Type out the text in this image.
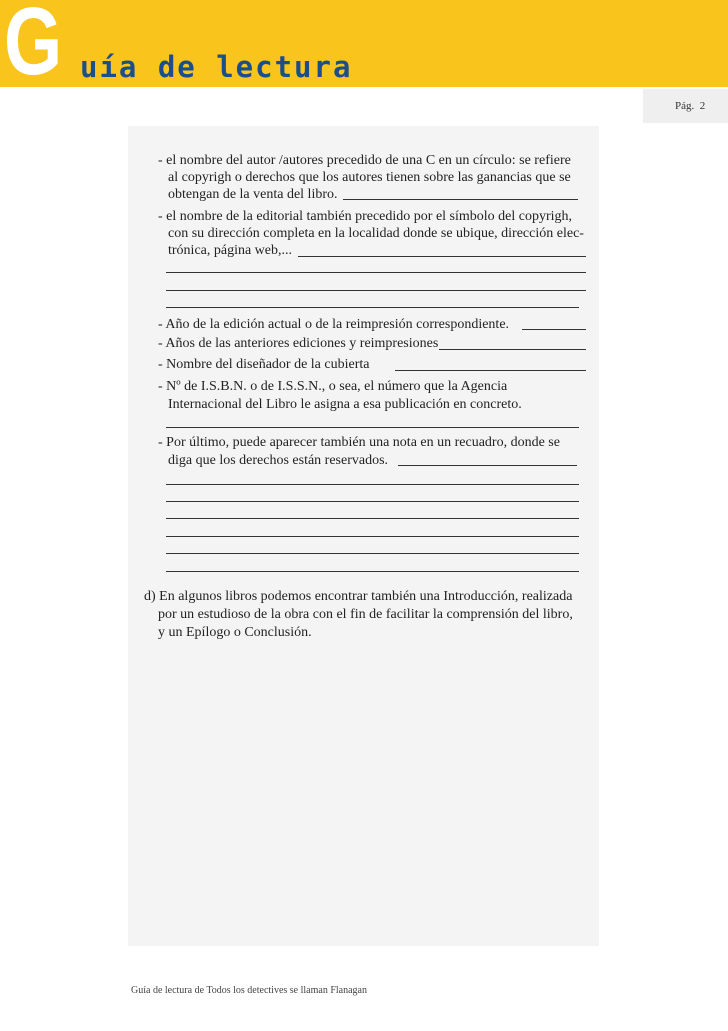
G uía de lectura
Pág.  2
- el nombre del autor /autores precedido de una C en un círculo: se refiere
al copyrigh o derechos que los autores tienen sobre las ganancias que se
obtengan de la venta del libro.
- el nombre de la editorial también precedido por el símbolo del copyrigh,
con su dirección completa en la localidad donde se ubique, dirección elec-
trónica, página web,...
- Año de la edición actual o de la reimpresión correspondiente.
- Años de las anteriores ediciones y reimpresiones
- Nombre del diseñador de la cubierta
- Nº de I.S.B.N. o de I.S.S.N., o sea, el número que la Agencia
Internacional del Libro le asigna a esa publicación en concreto.
- Por último, puede aparecer también una nota en un recuadro, donde se
diga que los derechos están reservados.
d) En algunos libros podemos encontrar también una Introducción, realizada
por un estudioso de la obra con el fin de facilitar la comprensión del libro,
y un Epílogo o Conclusión.
Guía de lectura de Todos los detectives se llaman Flanagan
